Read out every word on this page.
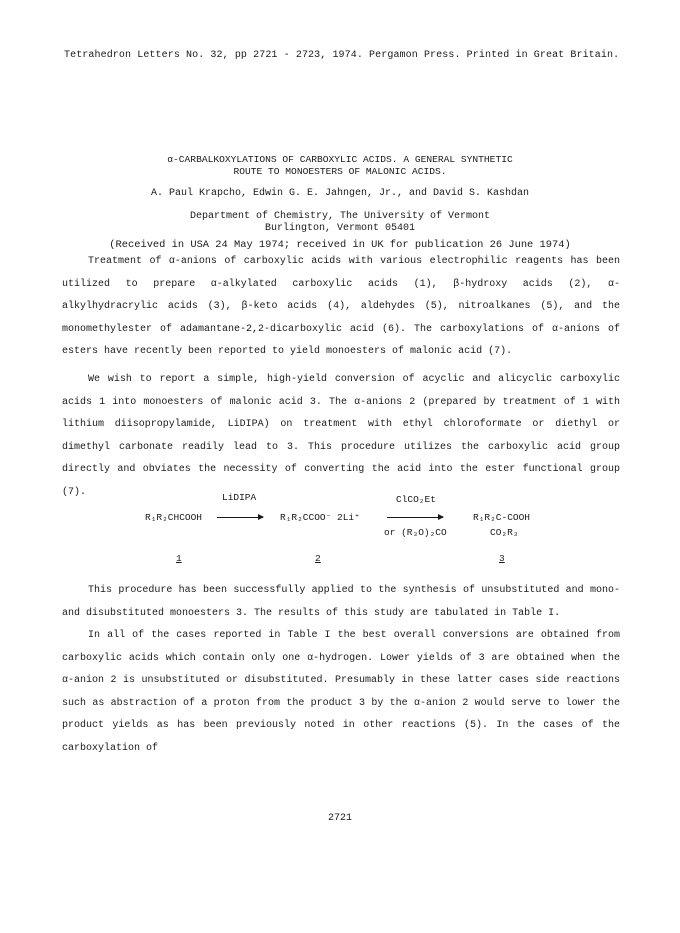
Tetrahedron Letters No. 32, pp 2721 - 2723, 1974. Pergamon Press. Printed in Great Britain.
α-CARBALKOXYLATIONS OF CARBOXYLIC ACIDS. A GENERAL SYNTHETIC
ROUTE TO MONOESTERS OF MALONIC ACIDS.
A. Paul Krapcho, Edwin G. E. Jahngen, Jr., and David S. Kashdan
Department of Chemistry, The University of Vermont
Burlington, Vermont 05401
(Received in USA 24 May 1974; received in UK for publication 26 June 1974)

Treatment of α-anions of carboxylic acids with various electrophilic reagents has been utilized to prepare α-alkylated carboxylic acids (1), β-hydroxy acids (2), α-alkylhydracrylic acids (3), β-keto acids (4), aldehydes (5), nitroalkanes (5), and the monomethylester of adamantane-2,2-dicarboxylic acid (6). The carboxylations of α-anions of esters have recently been reported to yield monoesters of malonic acid (7).

We wish to report a simple, high-yield conversion of acyclic and alicyclic carboxylic acids 1 into monoesters of malonic acid 3. The α-anions 2 (prepared by treatment of 1 with lithium diisopropylamide, LiDIPA) on treatment with ethyl chloroformate or diethyl or dimethyl carbonate readily lead to 3. This procedure utilizes the carboxylic acid group directly and obviates the necessity of converting the acid into the ester functional group (7).	LiDIPA
R₁R₂CHCOOH	R₁R₂CCOO⁻ 2Li⁺
ClCO₂Et
or (R₃O)₂CO
R₁R₂C-COOH
CO₂R₃
1	2	3

This procedure has been successfully applied to the synthesis of unsubstituted and mono- and disubstituted monoesters 3. The results of this study are tabulated in Table I.

In all of the cases reported in Table I the best overall conversions are obtained from carboxylic acids which contain only one α-hydrogen. Lower yields of 3 are obtained when the α-anion 2 is unsubstituted or disubstituted. Presumably in these latter cases side reactions such as abstraction of a proton from the product 3 by the α-anion 2 would serve to lower the product yields as has been previously noted in other reactions (5). In the cases of the carboxylation of

2721
